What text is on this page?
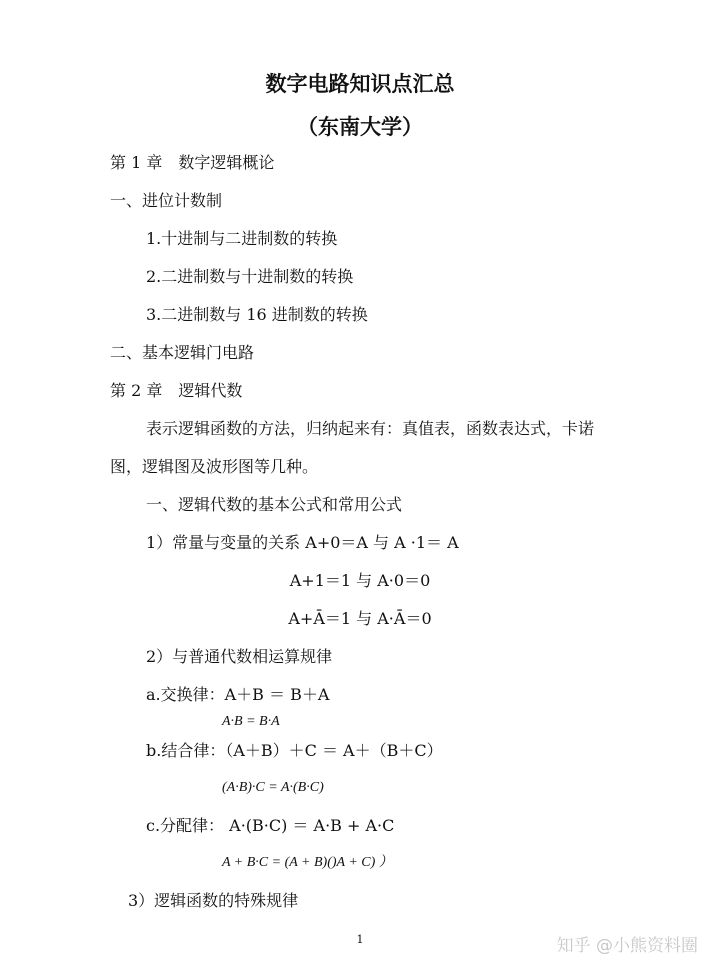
数字电路知识点汇总
（东南大学）
第 1 章　数字逻辑概论
一、进位计数制
1.十进制与二进制数的转换
2.二进制数与十进制数的转换
3.二进制数与 16 进制数的转换
二、基本逻辑门电路
第 2 章　逻辑代数
表示逻辑函数的方法，归纳起来有：真值表，函数表达式，卡诺
图，逻辑图及波形图等几种。
一、逻辑代数的基本公式和常用公式
1）常量与变量的关系 A+0＝A 与 A ·1＝ A
A+1＝1 与 A·0＝0
A+Ā＝1 与 A·Ā＝0
2）与普通代数相运算规律
a.交换律：A＋B ＝ B＋A
A·B = B·A
b.结合律：（A＋B）＋C ＝ A＋（B＋C）
(A·B)·C = A·(B·C)
c.分配律： A·(B·C) ＝ A·B + A·C
A + B·C = (A + B)()A + C) ）
3）逻辑函数的特殊规律
1	知乎 @小熊资料圈
